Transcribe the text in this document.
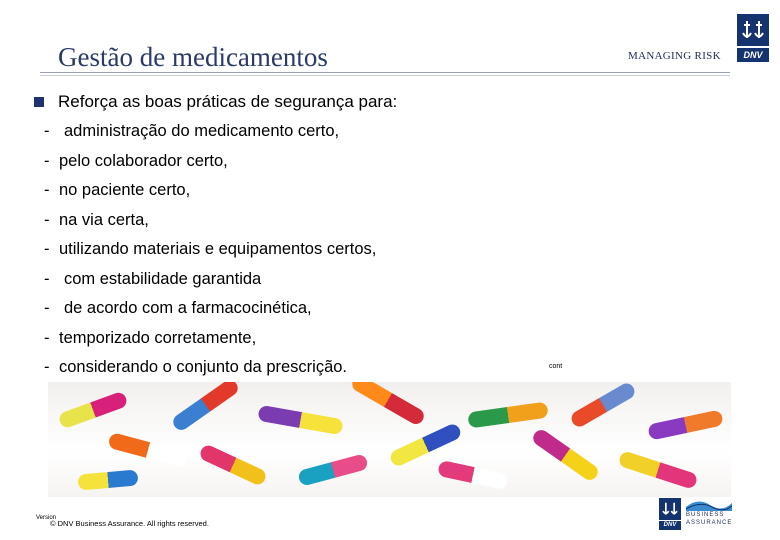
Gestão de medicamentos	MANAGING RISK	DNV
Reforça as boas práticas de segurança para:
- administração do medicamento certo,
- pelo colaborador certo,
- no paciente certo,
- na via certa,
- utilizando materiais e equipamentos certos,
- com estabilidade garantida
- de acordo com a farmacocinética,
- temporizado corretamente,
- considerando o conjunto da prescrição.	cont
Version
© DNV Business Assurance. All rights reserved.	DNV
BUSINESS
ASSURANCE
